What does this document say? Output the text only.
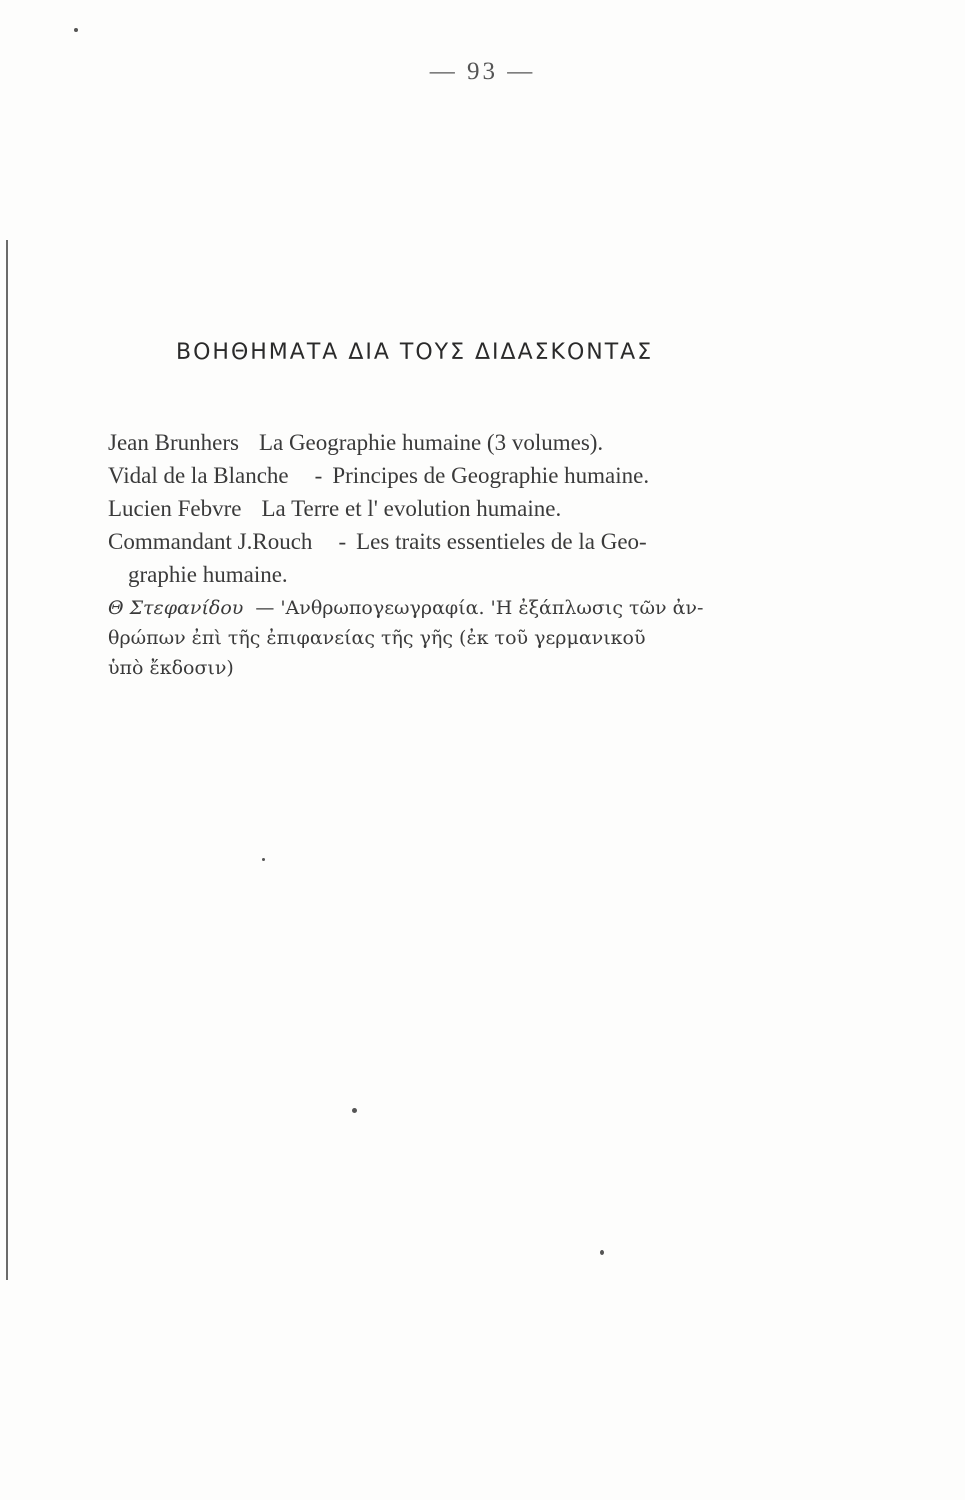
— 93 —
ΒΟΗΘΗΜΑΤΑ ΔΙΑ ΤΟΥΣ ΔΙΔΑΣΚΟΝΤΑΣ
Jean Brunhers La Geographie humaine (3 volumes).
Vidal de la Blanche - Principes de Geographie humaine.
Lucien Febvre La Terre et l' evolution humaine.
Commandant J.Rouch - Les traits essentieles de la Geo-
graphie humaine.
Θ Στεφανίδου — 'Ανθρωπογεωγραφία. 'Η ἐξάπλωσις τῶν ἀν-
θρώπων ἐπὶ τῆς ἐπιφανείας τῆς γῆς (ἐκ τοῦ γερμανικοῦ
ὑπὸ ἔκδοσιν)
